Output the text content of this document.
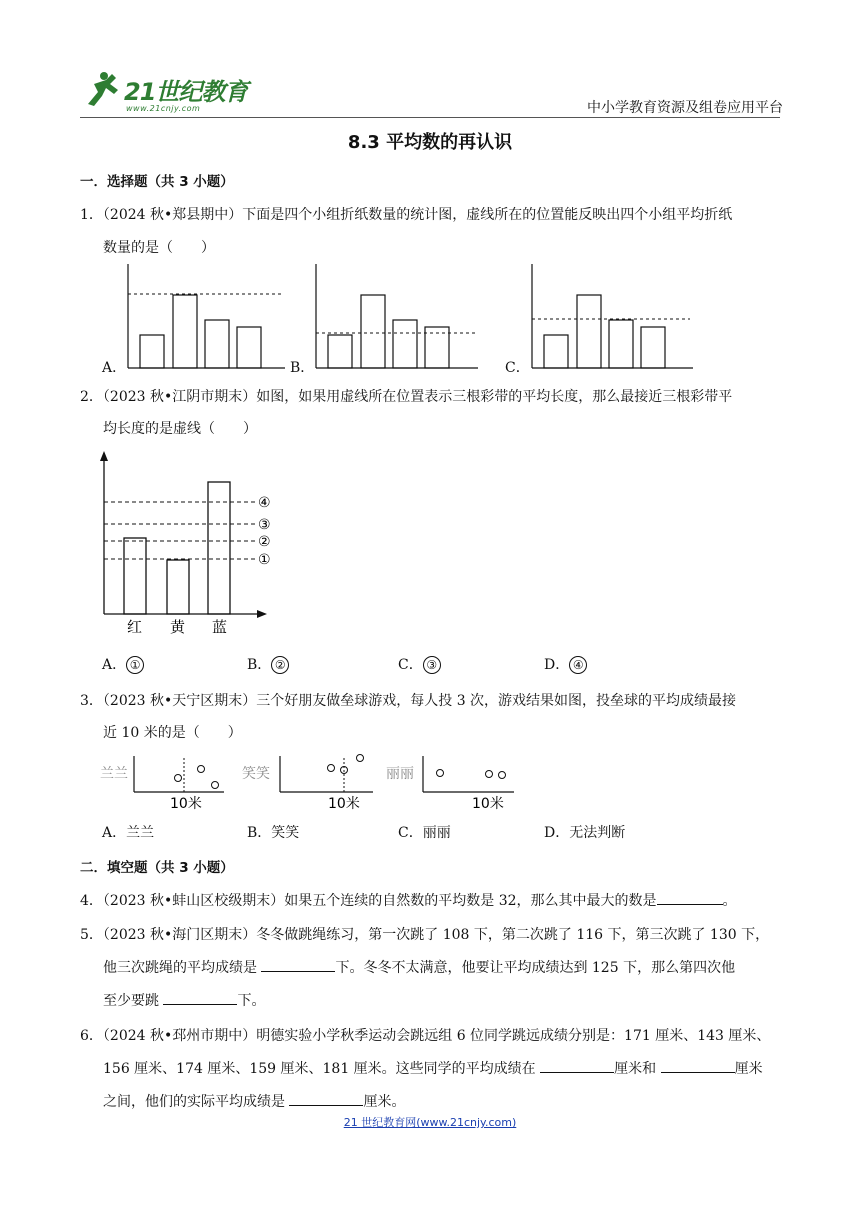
21世纪教育
www.21cnjy.com	中小学教育资源及组卷应用平台
8.3 平均数的再认识
一．选择题（共 3 小题）
1．（2024 秋•郑县期中）下面是四个小组折纸数量的统计图，虚线所在的位置能反映出四个小组平均折纸
数量的是（　　）
A．	B．	C．
2．（2023 秋•江阴市期末）如图，如果用虚线所在位置表示三根彩带的平均长度，那么最接近三根彩带平
均长度的是虚线（　　）
④
③
②
①
红 黄 蓝
A． ①	B． ②	C． ③	D． ④
3．（2023 秋•天宁区期末）三个好朋友做垒球游戏，每人投 3 次，游戏结果如图，投垒球的平均成绩最接
近 10 米的是（　　）
兰兰
10米
笑笑
10米
丽丽
10米
A．兰兰	B．笑笑	C．丽丽	D．无法判断
二．填空题（共 3 小题）
4．（2023 秋•蚌山区校级期末）如果五个连续的自然数的平均数是 32，那么其中最大的数是	。
5．（2023 秋•海门区期末）冬冬做跳绳练习，第一次跳了 108 下，第二次跳了 116 下，第三次跳了 130 下，
他三次跳绳的平均成绩是	下。冬冬不太满意，他要让平均成绩达到 125 下，那么第四次他
至少要跳	下。
6．（2024 秋•邳州市期中）明德实验小学秋季运动会跳远组 6 位同学跳远成绩分别是：171 厘米、143 厘米、
156 厘米、174 厘米、159 厘米、181 厘米。这些同学的平均成绩在	厘米和	厘米
之间，他们的实际平均成绩是	厘米。
21 世纪教育网(www.21cnjy.com)
